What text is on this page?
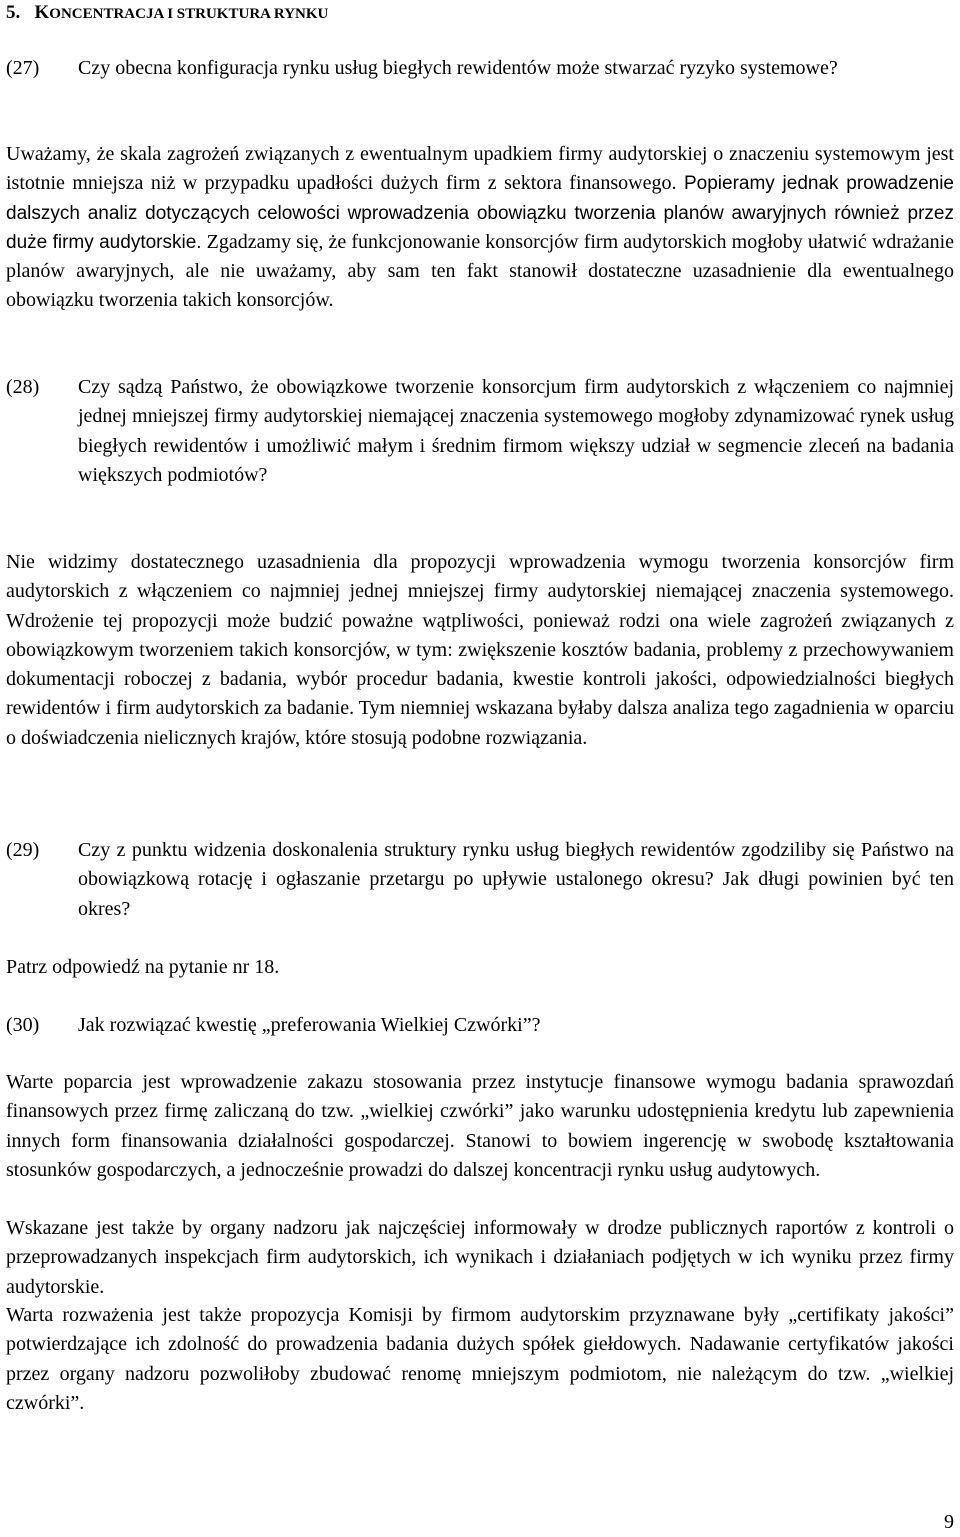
5. KONCENTRACJA I STRUKTURA RYNKU
(27)	Czy obecna konfiguracja rynku usług biegłych rewidentów może stwarzać ryzyko systemowe?

Uważamy, że skala zagrożeń związanych z ewentualnym upadkiem firmy audytorskiej o znaczeniu systemowym jest istotnie mniejsza niż w przypadku upadłości dużych firm z sektora finansowego. Popieramy jednak prowadzenie dalszych analiz dotyczących celowości wprowadzenia obowiązku tworzenia planów awaryjnych również przez duże firmy audytorskie. Zgadzamy się, że funkcjonowanie konsorcjów firm audytorskich mogłoby ułatwić wdrażanie planów awaryjnych, ale nie uważamy, aby sam ten fakt stanowił dostateczne uzasadnienie dla ewentualnego obowiązku tworzenia takich konsorcjów.

(28)	Czy sądzą Państwo, że obowiązkowe tworzenie konsorcjum firm audytorskich z włączeniem co najmniej jednej mniejszej firmy audytorskiej niemającej znaczenia systemowego mogłoby zdynamizować rynek usług biegłych rewidentów i umożliwić małym i średnim firmom większy udział w segmencie zleceń na badania większych podmiotów?

Nie widzimy dostatecznego uzasadnienia dla propozycji wprowadzenia wymogu tworzenia konsorcjów firm audytorskich z włączeniem co najmniej jednej mniejszej firmy audytorskiej niemającej znaczenia systemowego. Wdrożenie tej propozycji może budzić poważne wątpliwości, ponieważ rodzi ona wiele zagrożeń związanych z obowiązkowym tworzeniem takich konsorcjów, w tym: zwiększenie kosztów badania, problemy z przechowywaniem dokumentacji roboczej z badania, wybór procedur badania, kwestie kontroli jakości, odpowiedzialności biegłych rewidentów i firm audytorskich za badanie. Tym niemniej wskazana byłaby dalsza analiza tego zagadnienia w oparciu o doświadczenia nielicznych krajów, które stosują podobne rozwiązania.

(29)	Czy z punktu widzenia doskonalenia struktury rynku usług biegłych rewidentów zgodziliby się Państwo na obowiązkową rotację i ogłaszanie przetargu po upływie ustalonego okresu? Jak długi powinien być ten okres?

Patrz odpowiedź na pytanie nr 18.

(30)	Jak rozwiązać kwestię „preferowania Wielkiej Czwórki”?

Warte poparcia jest wprowadzenie zakazu stosowania przez instytucje finansowe wymogu badania sprawozdań finansowych przez firmę zaliczaną do tzw. „wielkiej czwórki” jako warunku udostępnienia kredytu lub zapewnienia innych form finansowania działalności gospodarczej. Stanowi to bowiem ingerencję w swobodę kształtowania stosunków gospodarczych, a jednocześnie prowadzi do dalszej koncentracji rynku usług audytowych.

Wskazane jest także by organy nadzoru jak najczęściej informowały w drodze publicznych raportów z kontroli o przeprowadzanych inspekcjach firm audytorskich, ich wynikach i działaniach podjętych w ich wyniku przez firmy audytorskie.

Warta rozważenia jest także propozycja Komisji by firmom audytorskim przyznawane były „certifikaty jakości” potwierdzające ich zdolność do prowadzenia badania dużych spółek giełdowych. Nadawanie certyfikatów jakości przez organy nadzoru pozwoliłoby zbudować renomę mniejszym podmiotom, nie należącym do tzw. „wielkiej czwórki”.

9
